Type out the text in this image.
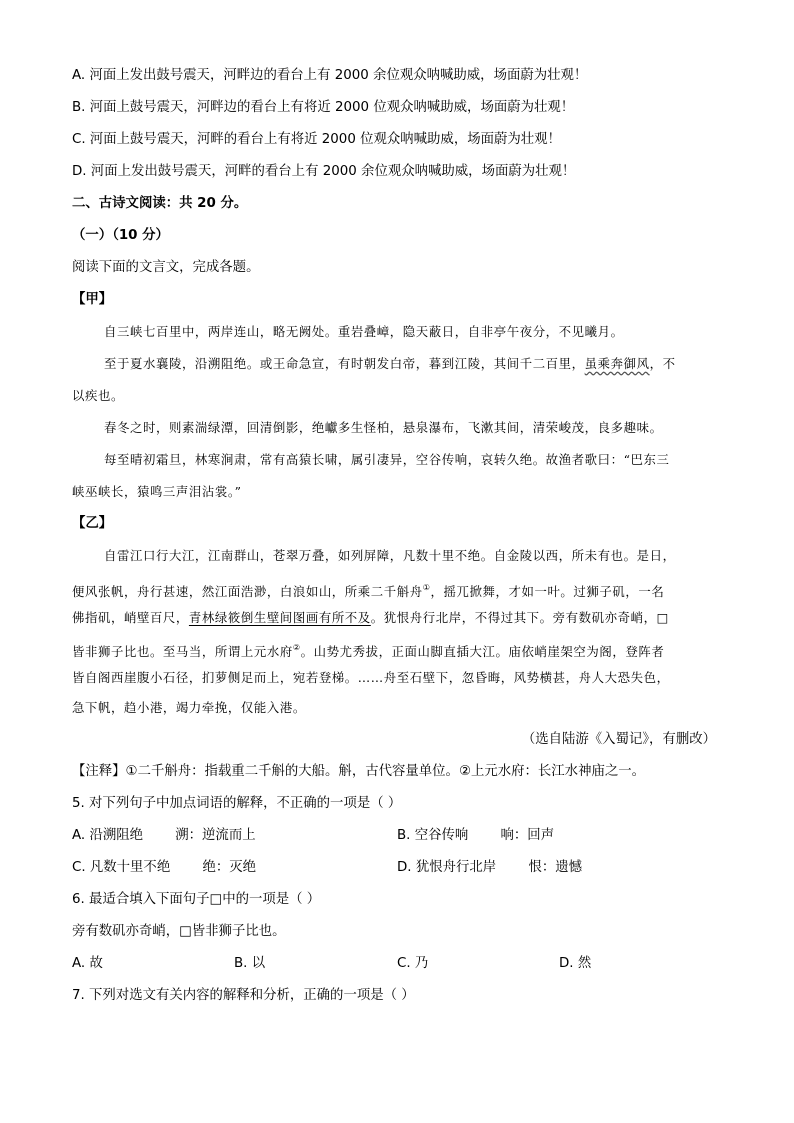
A. 河面上发出鼓号震天，河畔边的看台上有 2000 余位观众呐喊助威，场面蔚为壮观！
B. 河面上鼓号震天，河畔边的看台上有将近 2000 位观众呐喊助威，场面蔚为壮观！
C. 河面上鼓号震天，河畔的看台上有将近 2000 位观众呐喊助威，场面蔚为壮观！
D. 河面上发出鼓号震天，河畔的看台上有 2000 余位观众呐喊助威，场面蔚为壮观！
二、古诗文阅读：共 20 分。
（一）（10 分）
阅读下面的文言文，完成各题。
【甲】
自三峡七百里中，两岸连山，略无阙处。重岩叠嶂，隐天蔽日，自非亭午夜分，不见曦月。
至于夏水襄陵，沿溯阻绝。或王命急宣，有时朝发白帝，暮到江陵，其间千二百里，虽乘奔御风，不
以疾也。
春冬之时，则素湍绿潭，回清倒影，绝巘多生怪柏，悬泉瀑布，飞漱其间，清荣峻茂，良多趣味。
每至晴初霜旦，林寒涧肃，常有高猿长啸，属引凄异，空谷传响，哀转久绝。故渔者歌曰：“巴东三
峡巫峡长，猿鸣三声泪沾裳。”
【乙】
自雷江口行大江，江南群山，苍翠万叠，如列屏障，凡数十里不绝。自金陵以西，所未有也。是日，
便风张帆，舟行甚速，然江面浩渺，白浪如山，所乘二千斛舟①，摇兀掀舞，才如一叶。过狮子矶，一名
佛指矶，峭壁百尺，青林绿筱倒生壁间图画有所不及。犹恨舟行北岸，不得过其下。旁有数矶亦奇峭，□
皆非狮子比也。至马当，所谓上元水府②。山势尤秀拔，正面山脚直插大江。庙依峭崖架空为阁，登阵者
皆自阁西崖腹小石径，扪萝侧足而上，宛若登梯。……舟至石壁下，忽昏晦，风势横甚，舟人大恐失色，
急下帆，趋小港，竭力牵挽，仅能入港。
（选自陆游《入蜀记》，有删改）
【注释】①二千斛舟：指载重二千斛的大船。斛，古代容量单位。②上元水府：长江水神庙之一。
5. 对下列句子中加点词语的解释，不正确的一项是（ ）
A. 沿溯阻绝 溯：逆流而上	B. 空谷传响 响：回声
C. 凡数十里不绝 绝：灭绝	D. 犹恨舟行北岸 恨：遗憾
6. 最适合填入下面句子□中的一项是（ ）
旁有数矶亦奇峭，□皆非狮子比也。
A. 故	B. 以	C. 乃	D. 然
7. 下列对选文有关内容的解释和分析，正确的一项是（ ）
